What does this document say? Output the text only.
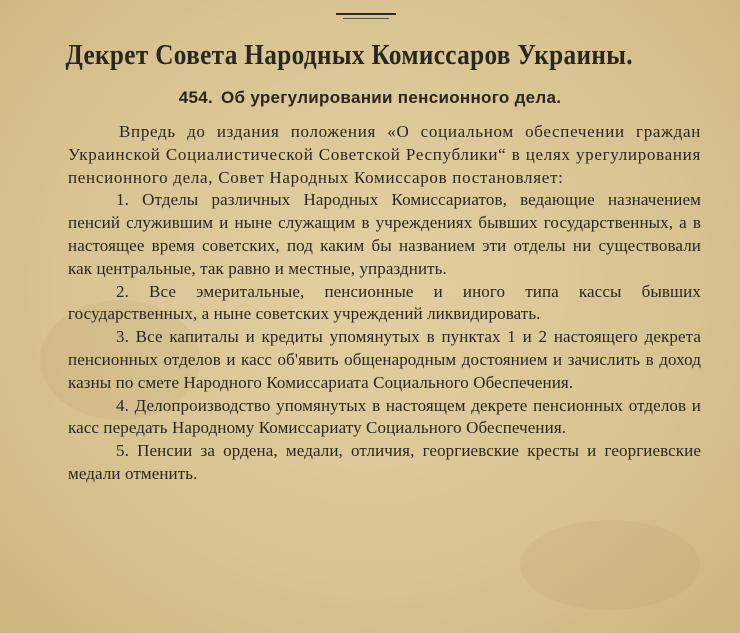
Декрет Совета Народных Комиссаров Украины.
454. Об урегулировании пенсионного дела.

Впредь до издания положения «О социальном обеспечении граждан Украинской Социалистической Советской Республики“ в целях урегулирования пенсионного дела, Совет Народных Комиссаров постановляет:

1. Отделы различных Народных Комиссариатов, ведающие назначением пенсий служившим и ныне служащим в учреждениях бывших государственных, а в настоящее время советских, под каким бы названием эти отделы ни существовали как центральные, так равно и местные, упразднить.

2. Все эмеритальные, пенсионные и иного типа кассы бывших государственных, а ныне советских учреждений ликвидировать.

3. Все капиталы и кредиты упомянутых в пунктах 1 и 2 настоящего декрета пенсионных отделов и касс об'явить общенародным достоянием и зачислить в доход казны по смете Народного Комиссариата Социального Обеспечения.

4. Делопроизводство упомянутых в настоящем декрете пенсионных отделов и касс передать Народному Комиссариату Социального Обеспечения.

5. Пенсии за ордена, медали, отличия, георгиевские кресты и георгиевские медали отменить.
